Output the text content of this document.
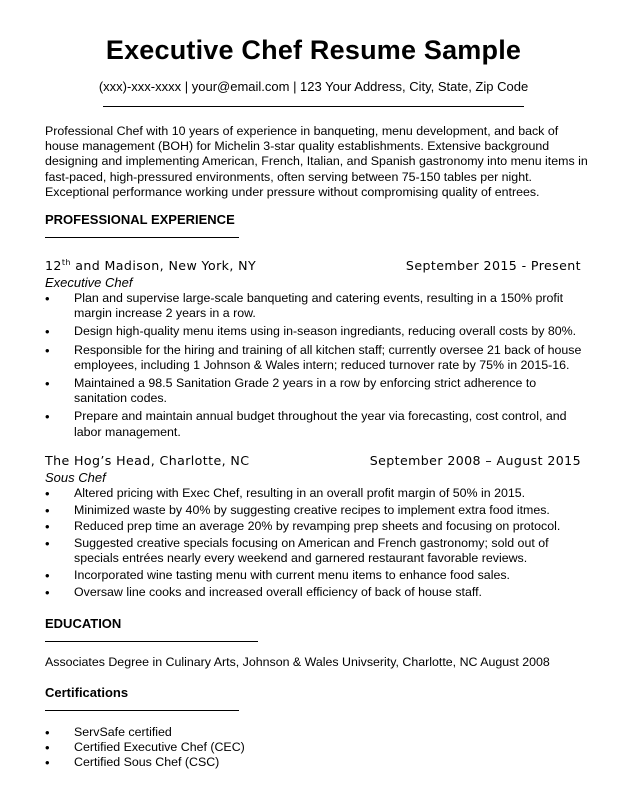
Executive Chef Resume Sample
(xxx)-xxx-xxxx | your@email.com | 123 Your Address, City, State, Zip Code

Professional Chef with 10 years of experience in banqueting, menu development, and back of house management (BOH) for Michelin 3-star quality establishments. Extensive background designing and implementing American, French, Italian, and Spanish gastronomy into menu items in fast-paced, high-pressured environments, often serving between 75-150 tables per night. Exceptional performance working under pressure without compromising quality of entrees.

PROFESSIONAL EXPERIENCE
12th and Madison, New York, NY	September 2015 - Present
Executive Chef
• Plan and supervise large-scale banqueting and catering events, resulting in a 150% profit margin increase 2 years in a row.
• Design high-quality menu items using in-season ingrediants, reducing overall costs by 80%.
• Responsible for the hiring and training of all kitchen staff; currently oversee 21 back of house employees, including 1 Johnson & Wales intern; reduced turnover rate by 75% in 2015-16.
• Maintained a 98.5 Sanitation Grade 2 years in a row by enforcing strict adherence to sanitation codes.
• Prepare and maintain annual budget throughout the year via forecasting, cost control, and labor management.
The Hog’s Head, Charlotte, NC	September 2008 – August 2015
Sous Chef
• Altered pricing with Exec Chef, resulting in an overall profit margin of 50% in 2015.
• Minimized waste by 40% by suggesting creative recipes to implement extra food itmes.
• Reduced prep time an average 20% by revamping prep sheets and focusing on protocol.
• Suggested creative specials focusing on American and French gastronomy; sold out of specials entrées nearly every weekend and garnered restaurant favorable reviews.
• Incorporated wine tasting menu with current menu items to enhance food sales.
• Oversaw line cooks and increased overall efficiency of back of house staff.
EDUCATION
Associates Degree in Culinary Arts, Johnson & Wales Univserity, Charlotte, NC August 2008
Certifications
• ServSafe certified
• Certified Executive Chef (CEC)
• Certified Sous Chef (CSC)
